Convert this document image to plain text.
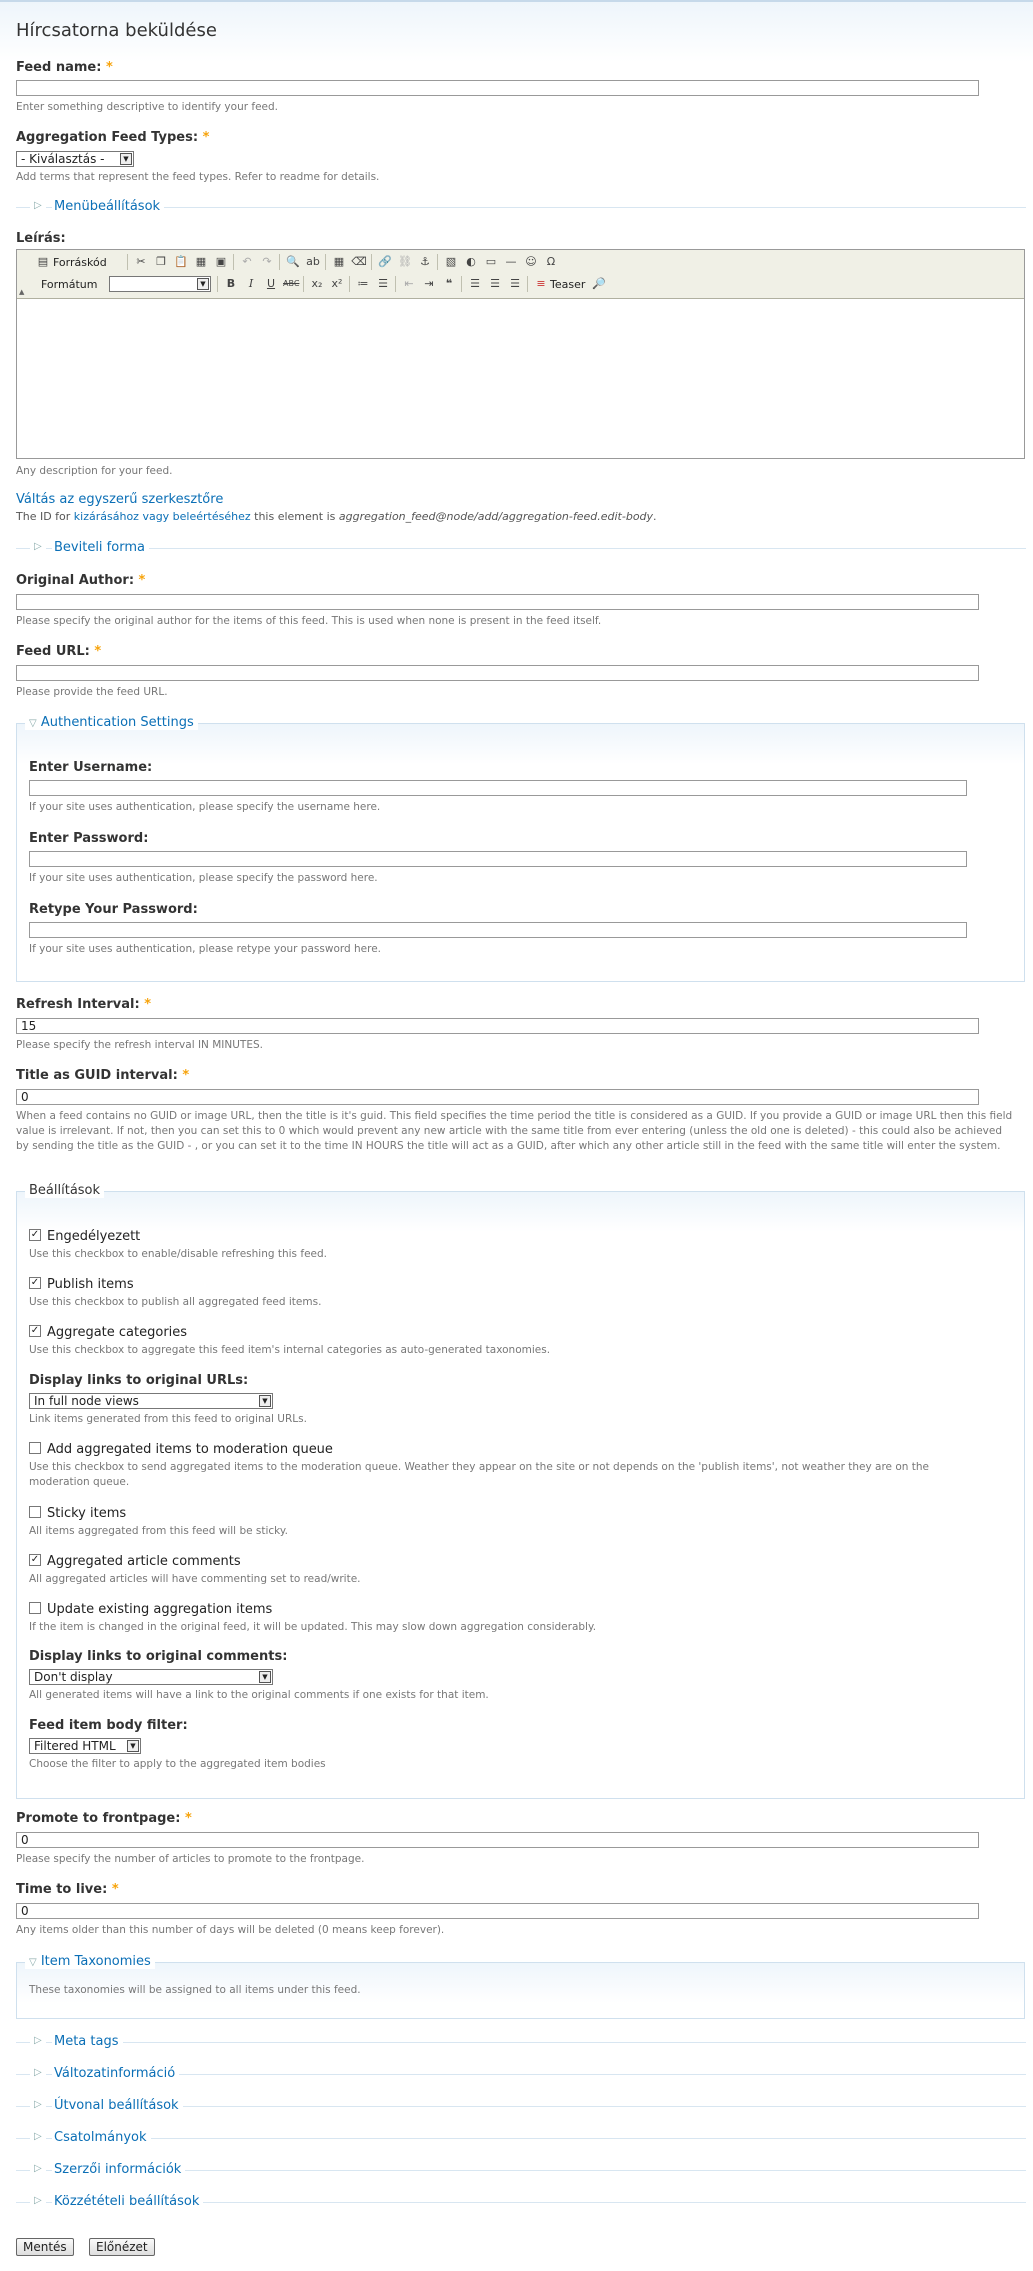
Hírcsatorna beküldése
Feed name: *
Enter something descriptive to identify your feed.
Aggregation Feed Types: *
- Kiválasztás -	▼
Add terms that represent the feed types. Refer to readme for details.
▷ Menübeállítások
Leírás:
▲
▤ Forráskód	✂ ❐ 📋 ▦ ▣	↶ ↷	🔍 ab ▦ ⌫ 🔗 ⛓ ⚓ ▧ ◐ ▭ — ☺ Ω
Formátum	▼	B	I	U ABC x₂ x² ≔ ☰	⇤ ⇥	❝	☰ ☰ ☰	≡ Teaser 🔎
Any description for your feed.
Váltás az egyszerű szerkesztőre
The ID for kizárásához vagy beleértéséhez this element is aggregation_feed@node/add/aggregation-feed.edit-body.
▷ Beviteli forma
Original Author: *
Please specify the original author for the items of this feed. This is used when none is present in the feed itself.
Feed URL: *
Please provide the feed URL.
▽ Authentication Settings
Enter Username:
If your site uses authentication, please specify the username here.
Enter Password:
If your site uses authentication, please specify the password here.
Retype Your Password:
If your site uses authentication, please retype your password here.
Refresh Interval: *
15
Please specify the refresh interval IN MINUTES.
Title as GUID interval: *
0
When a feed contains no GUID or image URL, then the title is it's guid. This field specifies the time period the title is considered as a GUID. If you provide a GUID or image URL then this field value is irrelevant. If not, then you can set this to 0 which would prevent any new article with the same title from ever entering (unless the old one is deleted) - this could also be achieved by sending the title as the GUID - , or you can set it to the time IN HOURS the title will act as a GUID, after which any other article still in the feed with the same title will enter the system.
Beállítások
✓ Engedélyezett
Use this checkbox to enable/disable refreshing this feed.
✓ Publish items
Use this checkbox to publish all aggregated feed items.
✓ Aggregate categories
Use this checkbox to aggregate this feed item's internal categories as auto-generated taxonomies.
Display links to original URLs:
In full node views	▼
Link items generated from this feed to original URLs.
Add aggregated items to moderation queue
Use this checkbox to send aggregated items to the moderation queue. Weather they appear on the site or not depends on the 'publish items', not weather they are on the
moderation queue.
Sticky items
All items aggregated from this feed will be sticky.
✓ Aggregated article comments
All aggregated articles will have commenting set to read/write.
Update existing aggregation items
If the item is changed in the original feed, it will be updated. This may slow down aggregation considerably.
Display links to original comments:
Don't display	▼
All generated items will have a link to the original comments if one exists for that item.
Feed item body filter:
Filtered HTML	▼
Choose the filter to apply to the aggregated item bodies
Promote to frontpage: *
0
Please specify the number of articles to promote to the frontpage.
Time to live: *
0
Any items older than this number of days will be deleted (0 means keep forever).
▽ Item Taxonomies
These taxonomies will be assigned to all items under this feed.
▷ Meta tags
▷ Változatinformáció
▷ Útvonal beállítások
▷ Csatolmányok
▷ Szerzői információk
▷ Közzétételi beállítások
Mentés	Előnézet
